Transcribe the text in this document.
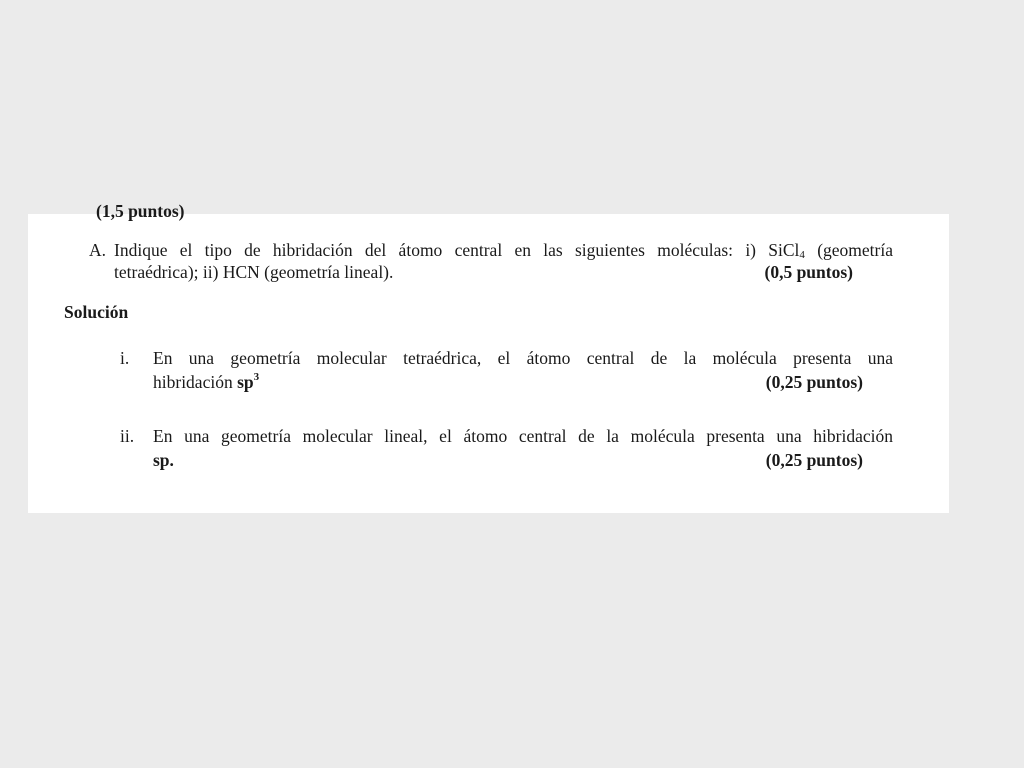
(1,5 puntos)
A. Indique el tipo de hibridación del átomo central en las siguientes moléculas: i) SiCl$_4$ (geometría
tetraédrica); ii) HCN (geometría lineal).	(0,5 puntos)
Solución
i.	En una geometría molecular tetraédrica, el átomo central de la molécula presenta una
hibridación $sp^3$	(0,25 puntos)
ii.	En una geometría molecular lineal, el átomo central de la molécula presenta una hibridación
sp.	(0,25 puntos)
